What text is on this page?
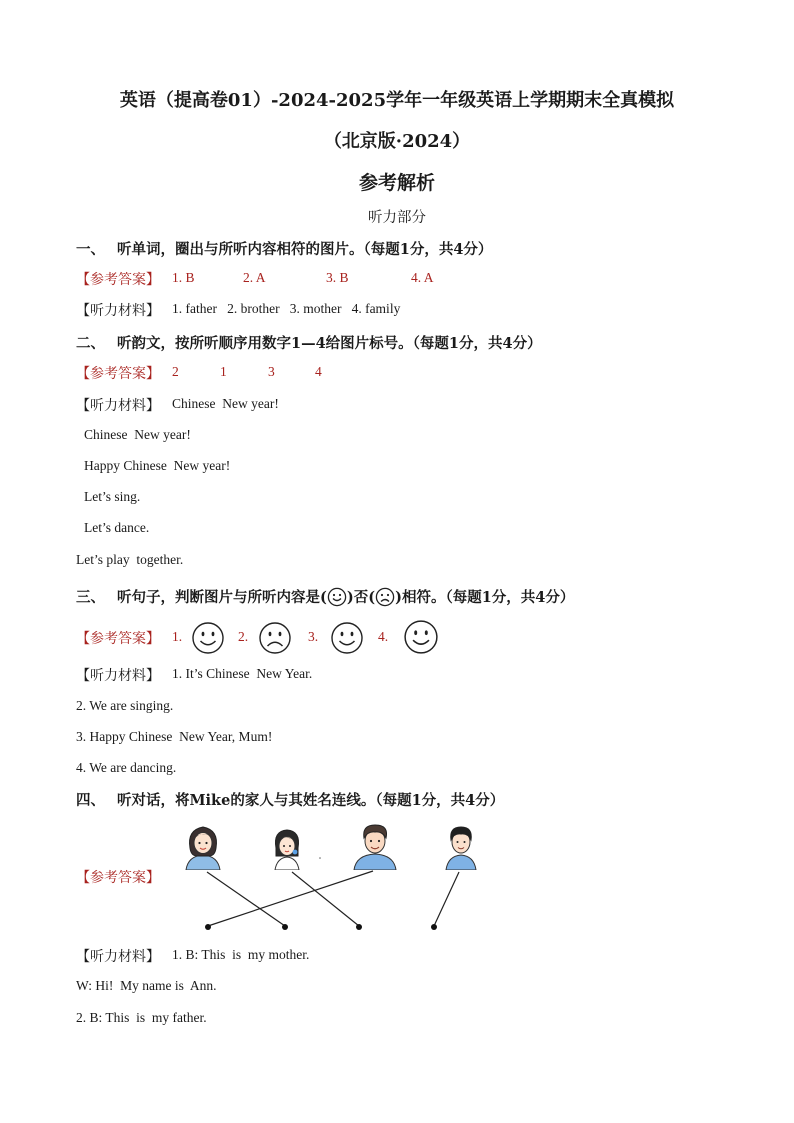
英语（提高卷01）-2024-2025学年一年级英语上学期期末全真模拟
（北京版·2024）
参考解析
听力部分
一、 听单词，圈出与所听内容相符的图片。（每题1分，共4分）
【参考答案】 1. B	2. A	3. B	4. A
【听力材料】 1. father   2. brother   3. mother   4. family
二、 听韵文，按所听顺序用数字1—4给图片标号。（每题1分，共4分）
【参考答案】 2	1	3	4
【听力材料】 Chinese  New year!
Chinese  New year!
Happy Chinese  New year!
Let’s sing.
Let’s dance.
Let’s play  together.
三、 听句子，判断图片与所听内容是( )否( )相符。（每题1分，共4分）
【参考答案】 1.	2.	3.	4.
【听力材料】 1. It’s Chinese  New Year.
2. We are singing.
3. Happy Chinese  New Year, Mum!
4. We are dancing.
四、 听对话，将Mike的家人与其姓名连线。（每题1分，共4分）
【参考答案】
【听力材料】 1. B: This  is  my mother.
W: Hi!  My name is  Ann.
2. B: This  is  my father.
